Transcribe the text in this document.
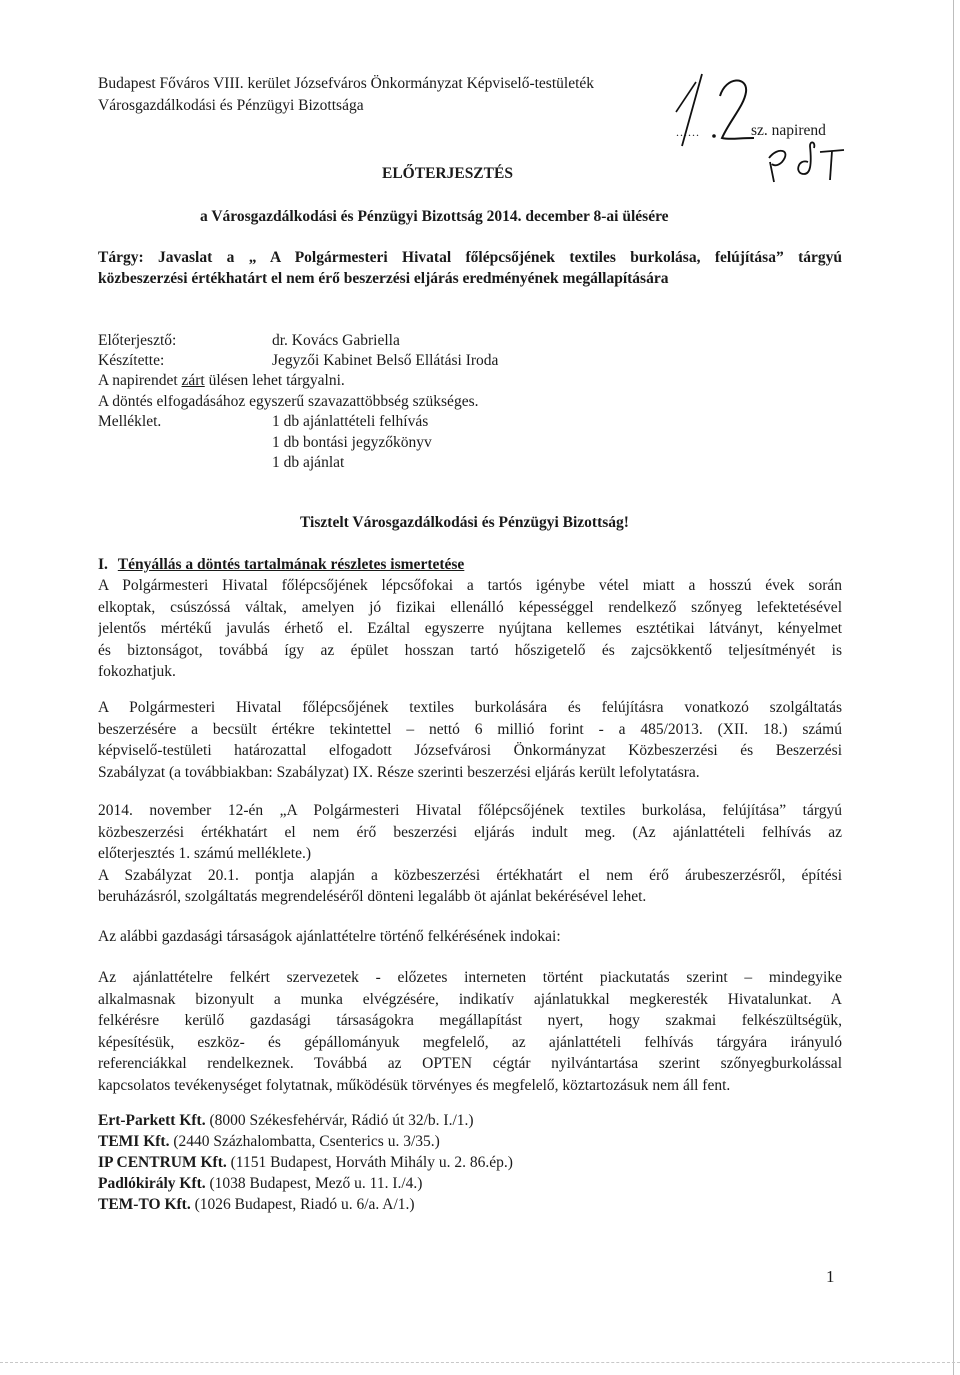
Budapest Főváros VIII. kerület Józsefváros Önkormányzat Képviselő-testületék
Városgazdálkodási és Pénzügyi Bizottsága
......	sz. napirend
ELŐTERJESZTÉS
a Városgazdálkodási és Pénzügyi Bizottság 2014. december 8-ai ülésére
Tárgy: Javaslat a „ A Polgármesteri Hivatal főlépcsőjének textiles burkolása, felújítása” tárgyú
közbeszerzési értékhatárt el nem érő beszerzési eljárás eredményének megállapítására
Előterjesztő:	dr. Kovács Gabriella
Készítette:	Jegyzői Kabinet Belső Ellátási Iroda
A napirendet zárt ülésen lehet tárgyalni.
A döntés elfogadásához egyszerű szavazattöbbség szükséges.
Melléklet.	1 db ajánlattételi felhívás
1 db bontási jegyzőkönyv
1 db ajánlat
Tisztelt Városgazdálkodási és Pénzügyi Bizottság!
I. Tényállás a döntés tartalmának részletes ismertetése
A Polgármesteri Hivatal főlépcsőjének lépcsőfokai a tartós igénybe vétel miatt a hosszú évek során
elkoptak, csúszóssá váltak, amelyen jó fizikai ellenálló képességgel rendelkező szőnyeg lefektetésével
jelentős mértékű javulás érhető el. Ezáltal egyszerre nyújtana kellemes esztétikai látványt, kényelmet
és biztonságot, továbbá így az épület hosszan tartó hőszigetelő és zajcsökkentő teljesítményét is
fokozhatjuk.
A Polgármesteri Hivatal főlépcsőjének textiles burkolására és felújításra vonatkozó szolgáltatás
beszerzésére a becsült értékre tekintettel – nettó 6 millió forint - a 485/2013. (XII. 18.) számú
képviselő-testületi határozattal elfogadott Józsefvárosi Önkormányzat Közbeszerzési és Beszerzési
Szabályzat (a továbbiakban: Szabályzat) IX. Része szerinti beszerzési eljárás került lefolytatásra.
2014. november 12-én „A Polgármesteri Hivatal főlépcsőjének textiles burkolása, felújítása” tárgyú
közbeszerzési értékhatárt el nem érő beszerzési eljárás indult meg. (Az ajánlattételi felhívás az
előterjesztés 1. számú melléklete.)
A Szabályzat 20.1. pontja alapján a közbeszerzési értékhatárt el nem érő árubeszerzésről, építési
beruházásról, szolgáltatás megrendeléséről dönteni legalább öt ajánlat bekérésével lehet.
Az alábbi gazdasági társaságok ajánlattételre történő felkérésének indokai:
Az ajánlattételre felkért szervezetek - előzetes interneten történt piackutatás szerint – mindegyike
alkalmasnak bizonyult a munka elvégzésére, indikatív ajánlatukkal megkeresték Hivatalunkat. A
felkérésre kerülő gazdasági társaságokra megállapítást nyert, hogy szakmai felkészültségük,
képesítésük, eszköz- és gépállományuk megfelelő, az ajánlattételi felhívás tárgyára irányuló
referenciákkal rendelkeznek. Továbbá az OPTEN cégtár nyilvántartása szerint szőnyegburkolással
kapcsolatos tevékenységet folytatnak, működésük törvényes és megfelelő, köztartozásuk nem áll fent.
Ert-Parkett Kft. (8000 Székesfehérvár, Rádió út 32/b. I./1.)
TEMI Kft. (2440 Százhalombatta, Csenterics u. 3/35.)
IP CENTRUM Kft. (1151 Budapest, Horváth Mihály u. 2. 86.ép.)
Padlókirály Kft. (1038 Budapest, Mező u. 11. I./4.)
TEM-TO Kft. (1026 Budapest, Riadó u. 6/a. A/1.)
1
